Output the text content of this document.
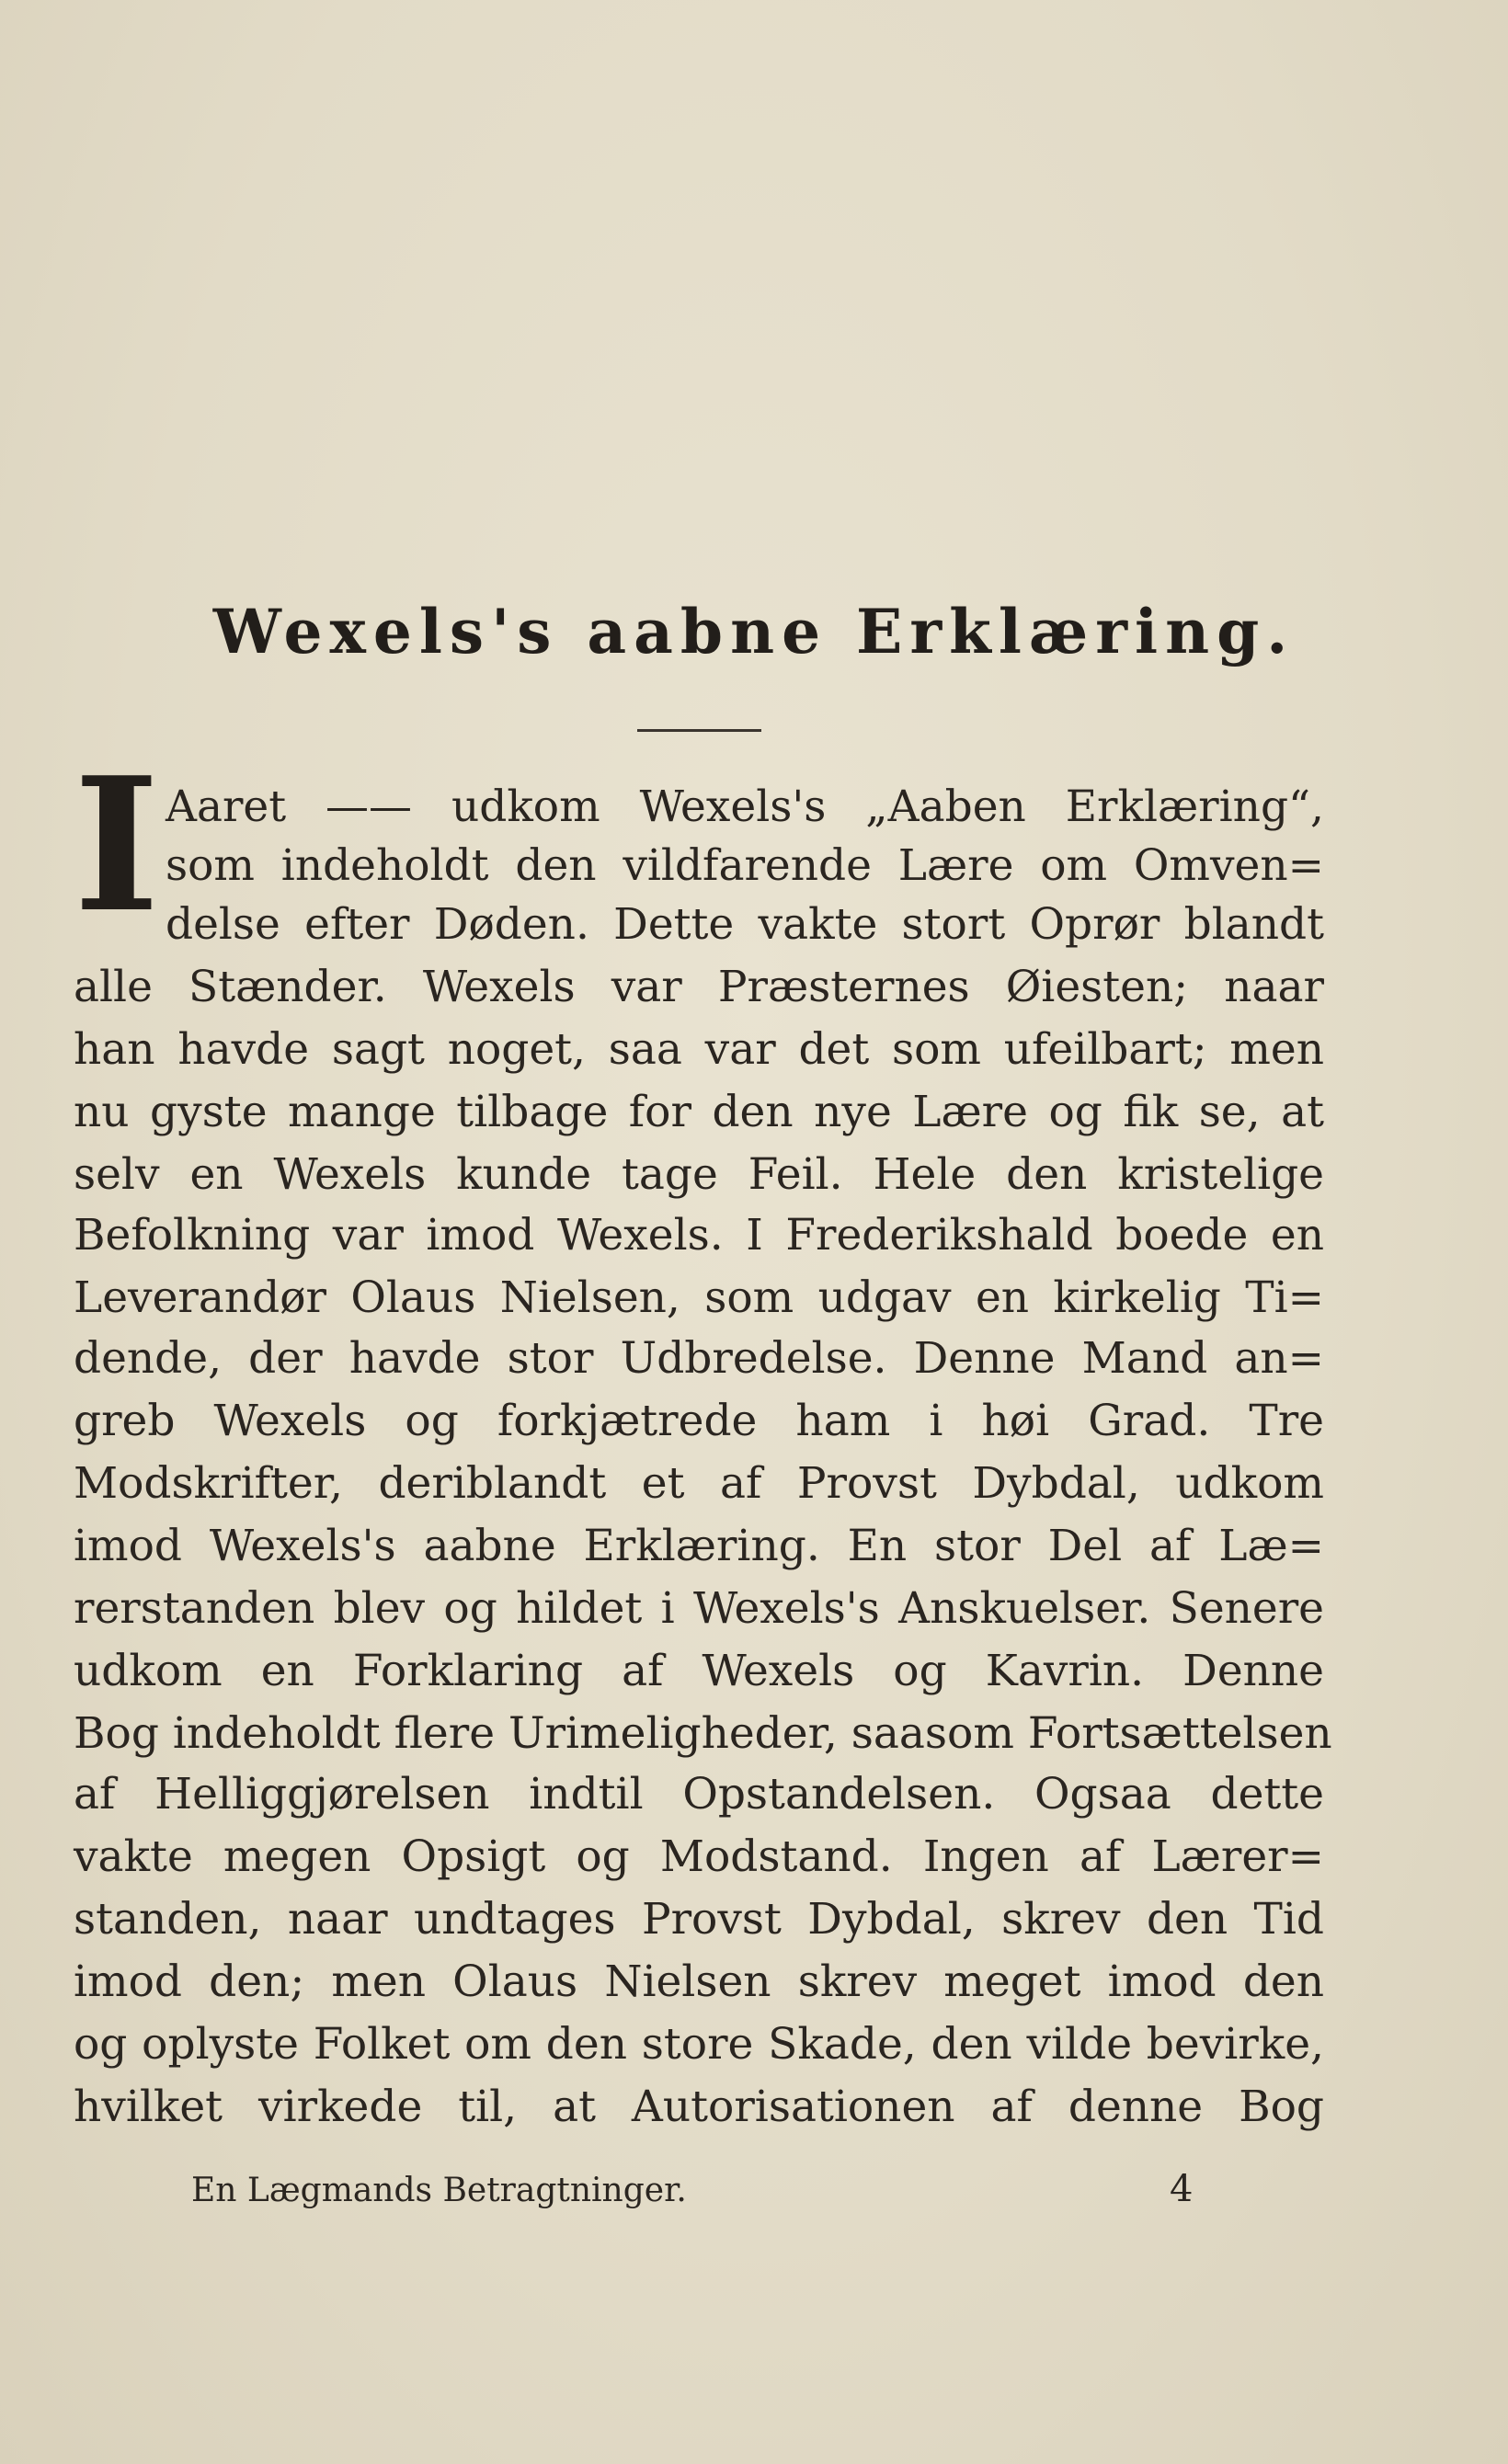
Wexels's aabne Erklæring.
I Aaret —— udkom Wexels's „Aaben Erklæring“,
som indeholdt den vildfarende Lære om Omven=
delse efter Døden. Dette vakte stort Oprør blandt
alle Stænder. Wexels var Præsternes Øiesten; naar
han havde sagt noget, saa var det som ufeilbart; men
nu gyste mange tilbage for den nye Lære og fik se, at
selv en Wexels kunde tage Feil. Hele den kristelige
Befolkning var imod Wexels. I Frederikshald boede en
Leverandør Olaus Nielsen, som udgav en kirkelig Ti=
dende, der havde stor Udbredelse. Denne Mand an=
greb Wexels og forkjætrede ham i høi Grad. Tre
Modskrifter, deriblandt et af Provst Dybdal, udkom
imod Wexels's aabne Erklæring. En stor Del af Læ=
rerstanden blev og hildet i Wexels's Anskuelser. Senere
udkom en Forklaring af Wexels og Kavrin. Denne
Bog indeholdt flere Urimeligheder, saasom Fortsættelsen
af Helliggjørelsen indtil Opstandelsen. Ogsaa dette
vakte megen Opsigt og Modstand. Ingen af Lærer=
standen, naar undtages Provst Dybdal, skrev den Tid
imod den; men Olaus Nielsen skrev meget imod den
og oplyste Folket om den store Skade, den vilde bevirke,
hvilket virkede til, at Autorisationen af denne Bog
En Lægmands Betragtninger.	4
